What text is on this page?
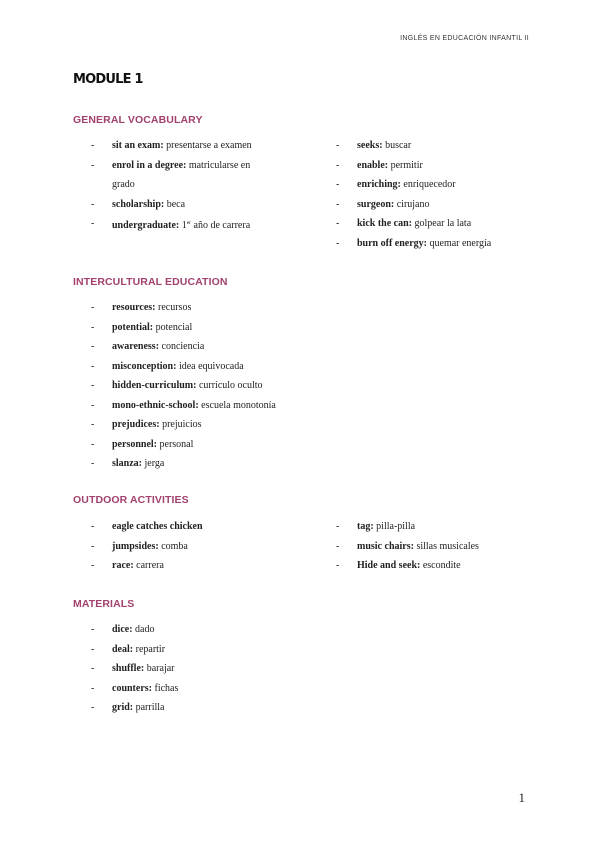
INGLÉS EN EDUCACIÓN INFANTIL II
MODULE 1
GENERAL VOCABULARY
- sit an exam: presentarse a examen
- enrol in a degree: matricularse en
grado
- scholarship: beca
- undergraduate: 1er año de carrera
- seeks: buscar
- enable: permitir
- enriching: enriquecedor
- surgeon: cirujano
- kick the can: golpear la lata
- burn off energy: quemar energía
INTERCULTURAL EDUCATION
- resources: recursos
- potential: potencial
- awareness: conciencia
- misconception: idea equivocada
- hidden-curriculum: currículo oculto
- mono-ethnic-school: escuela monotonía
- prejudices: prejuicios
- personnel: personal
- slanza: jerga
OUTDOOR ACTIVITIES
- eagle catches chicken
- jumpsides: comba
- race: carrera
- tag: pilla-pilla
- music chairs: sillas musicales
- Hide and seek: escondite
MATERIALS
- dice: dado
- deal: repartir
- shuffle: barajar
- counters: fichas
- grid: parrilla
1
